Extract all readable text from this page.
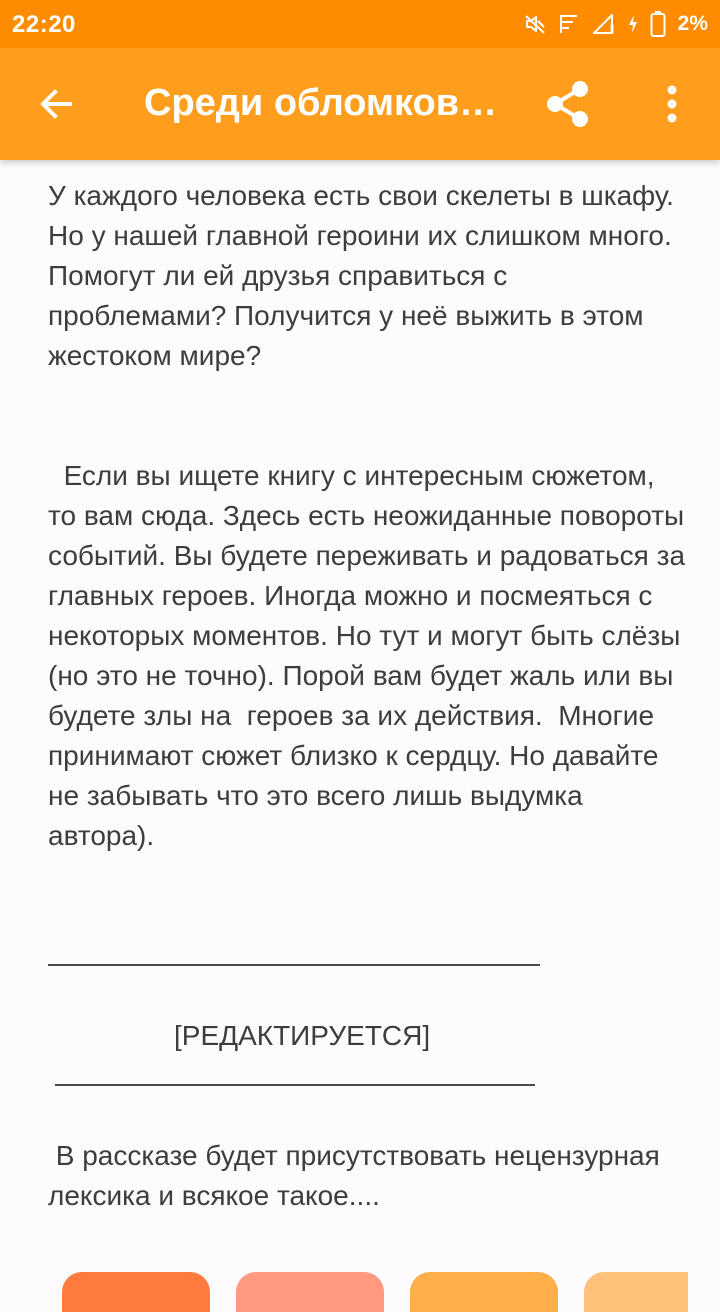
22:20	2%
Среди обломков…

У каждого человека есть свои скелеты в шкафу. Но у нашей главной героини их слишком много. Помогут ли ей друзья справиться с проблемами? Получится у неё выжить в этом жестоком мире?

Если вы ищете книгу с интересным сюжетом, то вам сюда. Здесь есть неожиданные повороты событий. Вы будете переживать и радоваться за главных героев. Иногда можно и посмеяться с некоторых моментов. Но тут и могут быть слёзы (но это не точно). Порой вам будет жаль или вы будете злы на  героев за их действия.  Многие принимают сюжет близко к сердцу. Но давайте не забывать что это всего лишь выдумка автора).

[РЕДАКТИРУЕТСЯ]

В рассказе будет присутствовать нецензурная лексика и всякое такое....
